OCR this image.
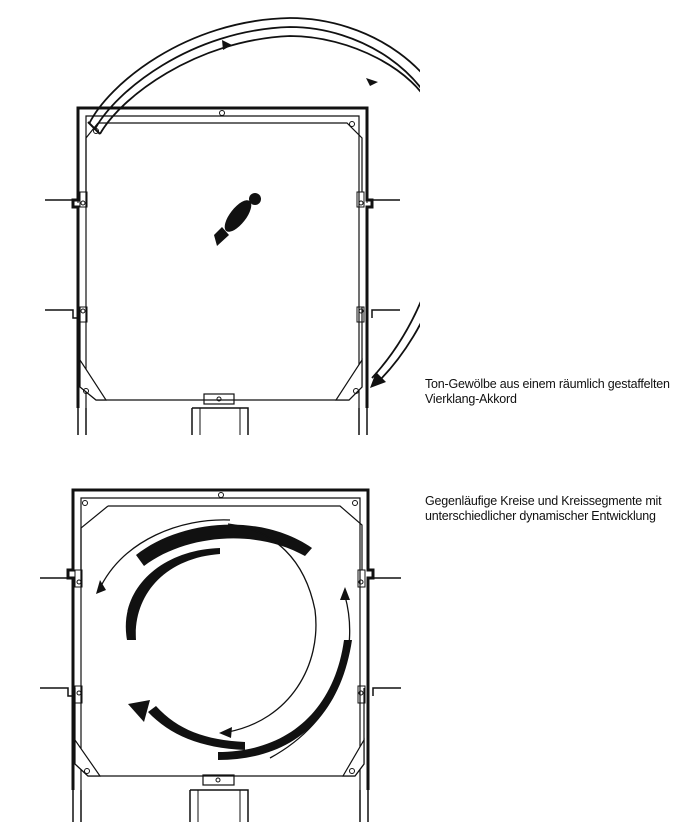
Ton-Gewölbe aus einem räumlich gestaffelten
Vierklang-Akkord
Gegenläufige Kreise und Kreissegmente mit
unterschiedlicher dynamischer Entwicklung
